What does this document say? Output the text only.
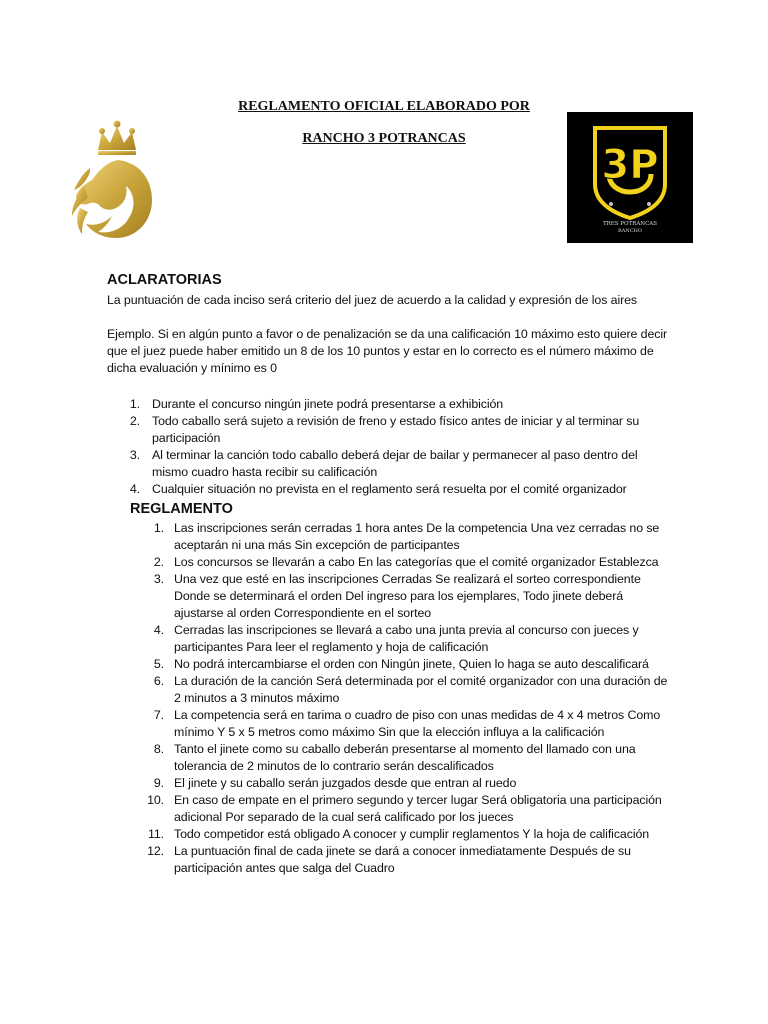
REGLAMENTO OFICIAL ELABORADO POR
RANCHO 3 POTRANCAS
3P
TRES POTRANCAS
RANCHO
ACLARATORIAS
La puntuación de cada inciso será criterio del juez de acuerdo a la calidad y expresión de los aires
Ejemplo. Si en algún punto a favor o de penalización se da una calificación 10 máximo esto quiere decir que el juez puede haber emitido un 8 de los 10 puntos y estar en lo correcto es el número máximo de dicha evaluación y mínimo es 0
1. Durante el concurso ningún jinete podrá presentarse a exhibición
2. Todo caballo será sujeto a revisión de freno y estado físico antes de iniciar y al terminar su participación
3. Al terminar la canción todo caballo deberá dejar de bailar y permanecer al paso dentro del mismo cuadro hasta recibir su calificación
4. Cualquier situación no prevista en el reglamento será resuelta por el comité organizador
REGLAMENTO
1. Las inscripciones serán cerradas 1 hora antes De la competencia Una vez cerradas no se aceptarán ni una más Sin excepción de participantes
2. Los concursos se llevarán a cabo En las categorías que el comité organizador Establezca
3. Una vez que esté en las inscripciones Cerradas Se realizará el sorteo correspondiente Donde se determinará el orden Del ingreso para los ejemplares, Todo jinete deberá ajustarse al orden Correspondiente en el sorteo
4. Cerradas las inscripciones se llevará a cabo una junta previa al concurso con jueces y participantes Para leer el reglamento y hoja de calificación
5. No podrá intercambiarse el orden con Ningún jinete, Quien lo haga se auto descalificará
6. La duración de la canción Será determinada por el comité organizador con una duración de 2 minutos a 3 minutos máximo
7. La competencia será en tarima o cuadro de piso con unas medidas de 4 x 4 metros Como mínimo Y 5 x 5 metros como máximo Sin que la elección influya a la calificación
8. Tanto el jinete como su caballo deberán presentarse al momento del llamado con una tolerancia de 2 minutos de lo contrario serán descalificados
9. El jinete y su caballo serán juzgados desde que entran al ruedo
10. En caso de empate en el primero segundo y tercer lugar Será obligatoria una participación adicional Por separado de la cual será calificado por los jueces
11. Todo competidor está obligado A conocer y cumplir reglamentos Y la hoja de calificación
12. La puntuación final de cada jinete se dará a conocer inmediatamente Después de su participación antes que salga del Cuadro
